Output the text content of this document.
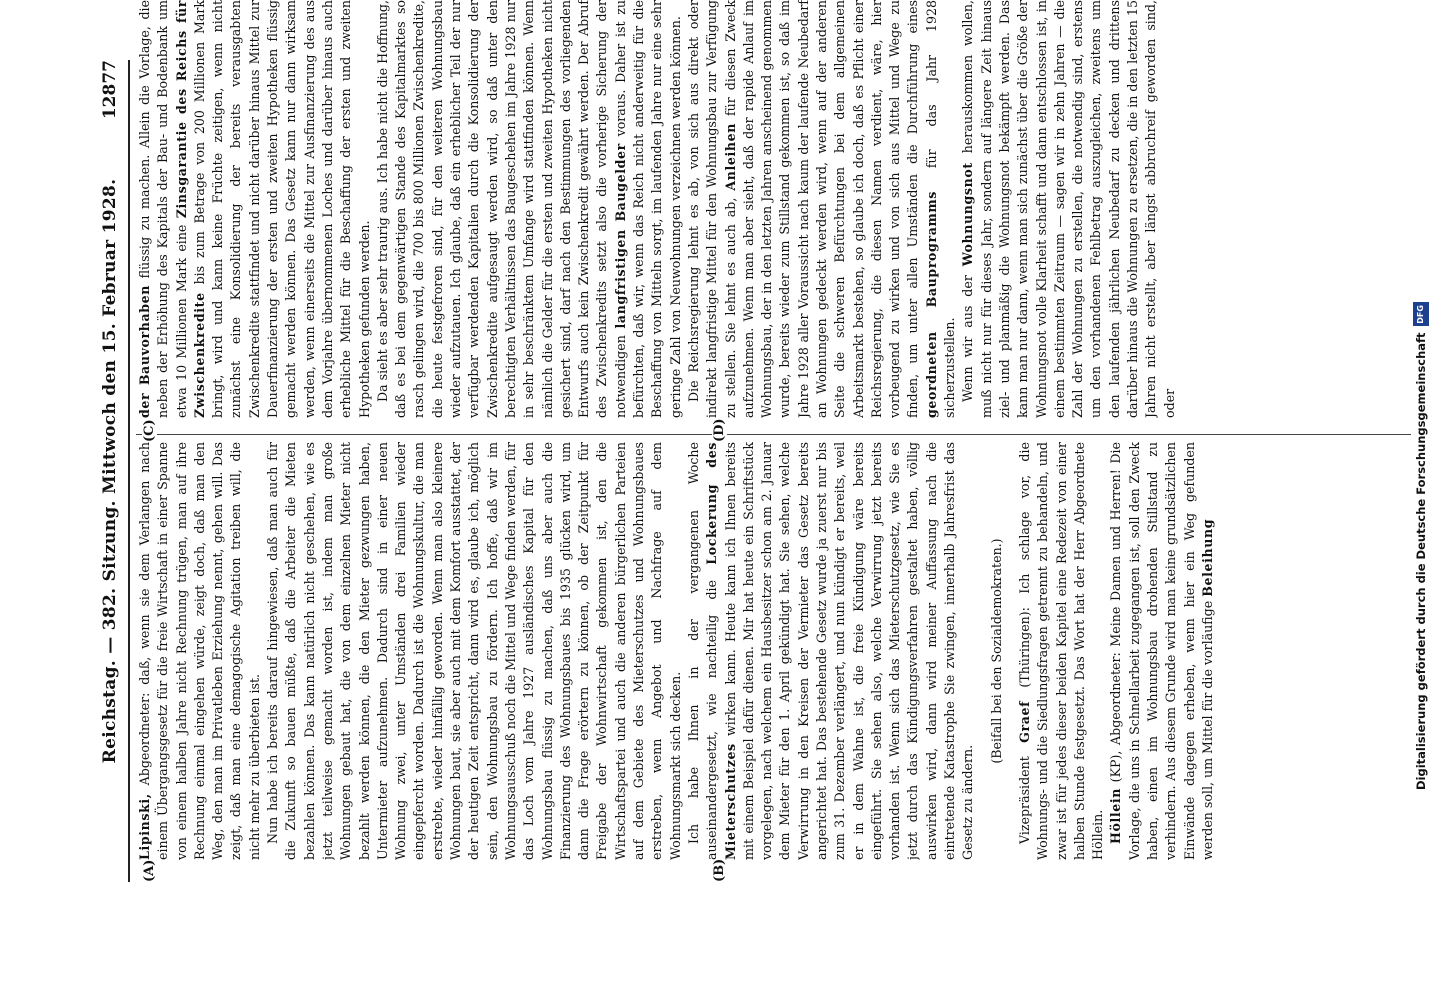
Reichstag. — 382. Sitzung. Mittwoch den 15. Februar 1928.
12877
(A)	(B)
(C)	(D)

Lipinski, Abgeordneter: daß, wenn sie dem Verlangen nach einem Übergangsgesetz für die freie Wirtschaft in einer Spanne von einem halben Jahre nicht Rechnung trügen, man auf ihre Rechnung einmal eingehen würde, zeigt doch, daß man den Weg, den man im Privatleben Erziehung nennt, gehen will. Das zeigt, daß man eine demagogische Agitation treiben will, die nicht mehr zu überbieten ist. Nun habe ich bereits darauf hingewiesen, daß man auch für die Zukunft so bauen müßte, daß die Arbeiter die Mieten bezahlen können. Das kann natürlich nicht geschehen, wie es jetzt teilweise gemacht worden ist, indem man große Wohnungen gebaut hat, die von dem einzelnen Mieter nicht bezahlt werden können, die den Mieter gezwungen haben, Untermieter aufzunehmen. Dadurch sind in einer neuen Wohnung zwei, unter Umständen drei Familien wieder eingepfercht worden. Dadurch ist die Wohnungskultur, die man erstrebte, wieder hinfällig geworden. Wenn man also kleinere Wohnungen baut, sie aber auch mit dem Komfort ausstattet, der der heutigen Zeit entspricht, dann wird es, glaube ich, möglich sein, den Wohnungsbau zu fördern. Ich hoffe, daß wir im Wohnungsausschuß noch die Mittel und Wege finden werden, für das Loch vom Jahre 1927 ausländisches Kapital für den Wohnungsbau flüssig zu machen, daß uns aber auch die Finanzierung des Wohnungsbaues bis 1935 glücken wird, um dann die Frage erörtern zu können, ob der Zeitpunkt für Freigabe der Wohnwirtschaft gekommen ist, den die Wirtschaftspartei und auch die anderen bürgerlichen Parteien auf dem Gebiete des Mieterschutzes und Wohnungsbaues erstreben, wenn Angebot und Nachfrage auf dem Wohnungsmarkt sich decken. Ich habe Ihnen in der vergangenen Woche auseinandergesetzt, wie nachteilig die Lockerung des Mieterschutzes wirken kann. Heute kann ich Ihnen bereits mit einem Beispiel dafür dienen. Mir hat heute ein Schriftstück vorgelegen, nach welchem ein Hausbesitzer schon am 2. Januar dem Mieter für den 1. April gekündigt hat. Sie sehen, welche Verwirrung in den Kreisen der Vermieter das Gesetz bereits angerichtet hat. Das bestehende Gesetz wurde ja zuerst nur bis zum 31. Dezember verlängert, und nun kündigt er bereits, weil er in dem Wahne ist, die freie Kündigung wäre bereits eingeführt. Sie sehen also, welche Verwirrung jetzt bereits vorhanden ist. Wenn sich das Mieterschutzgesetz, wie Sie es jetzt durch das Kündigungsverfahren gestaltet haben, völlig auswirken wird, dann wird meiner Auffassung nach die eintretende Katastrophe Sie zwingen, innerhalb Jahresfrist das Gesetz zu ändern.

(Beifall bei den Sozialdemokraten.)

Vizepräsident Graef (Thüringen): Ich schlage vor, die Wohnungs- und die Siedlungsfragen getrennt zu behandeln, und zwar ist für jedes dieser beiden Kapitel eine Redezeit von einer halben Stunde festgesetzt. Das Wort hat der Herr Abgeordnete Höllein. Höllein (KP), Abgeordneter: Meine Damen und Herren! Die Vorlage, die uns in Schnellarbeit zugegangen ist, soll den Zweck haben, einen im Wohnungsbau drohenden Stillstand zu verhindern. Aus diesem Grunde wird man keine grundsätzlichen Einwände dagegen erheben, wenn hier ein Weg gefunden werden soll, um Mittel für die vorläufige Beleihung

der Bauvorhaben flüssig zu machen. Allein die Vorlage, die neben der Erhöhung des Kapitals der Bau- und Bodenbank um etwa 10 Millionen Mark eine Zinsgarantie des Reichs für Zwischenkredite bis zum Betrage von 200 Millionen Mark bringt, wird und kann keine Früchte zeitigen, wenn nicht zunächst eine Konsolidierung der bereits verausgabten Zwischenkredite stattfindet und nicht darüber hinaus Mittel zur Dauerfinanzierung der ersten und zweiten Hypotheken flüssig gemacht werden können. Das Gesetz kann nur dann wirksam werden, wenn einerseits die Mittel zur Ausfinanzierung des aus dem Vorjahre übernommenen Loches und darüber hinaus auch erhebliche Mittel für die Beschaffung der ersten und zweiten Hypotheken gefunden werden. Da sieht es aber sehr traurig aus. Ich habe nicht die Hoffnung, daß es bei dem gegenwärtigen Stande des Kapitalmarktes so rasch gelingen wird, die 700 bis 800 Millionen Zwischenkredite, die heute festgefroren sind, für den weiteren Wohnungsbau wieder aufzutauen. Ich glaube, daß ein erheblicher Teil der nur verfügbar werdenden Kapitalien durch die Konsolidierung der Zwischenkredite aufgesaugt werden wird, so daß unter den berechtigten Verhältnissen das Baugeschehen im Jahre 1928 nur in sehr beschränktem Umfange wird stattfinden können. Wenn nämlich die Gelder für die ersten und zweiten Hypotheken nicht gesichert sind, darf nach den Bestimmungen des vorliegenden Entwurfs auch kein Zwischenkredit gewährt werden. Der Abruf des Zwischenkredits setzt also die vorherige Sicherung der notwendigen langfristigen Baugelder voraus. Daher ist zu befürchten, daß wir, wenn das Reich nicht anderweitig für die Beschaffung von Mitteln sorgt, im laufenden Jahre nur eine sehr geringe Zahl von Neuwohnungen verzeichnen werden können. Die Reichsregierung lehnt es ab, von sich aus direkt oder indirekt langfristige Mittel für den Wohnungsbau zur Verfügung zu stellen. Sie lehnt es auch ab, Anleihen für diesen Zweck aufzunehmen. Wenn man aber sieht, daß der rapide Anlauf im Wohnungsbau, der in den letzten Jahren anscheinend genommen wurde, bereits wieder zum Stillstand gekommen ist, so daß im Jahre 1928 aller Voraussicht nach kaum der laufende Neubedarf an Wohnungen gedeckt werden wird, wenn auf der anderen Seite die schweren Befürchtungen bei dem allgemeinen Arbeitsmarkt bestehen, so glaube ich doch, daß es Pflicht einer Reichsregierung, die diesen Namen verdient, wäre, hier vorbeugend zu wirken und von sich aus Mittel und Wege zu finden, um unter allen Umständen die Durchführung eines geordneten Bauprogramms für das Jahr 1928 sicherzustellen. Wenn wir aus der Wohnungsnot herauskommen wollen, muß nicht nur für dieses Jahr, sondern auf längere Zeit hinaus ziel- und planmäßig die Wohnungsnot bekämpft werden. Das kann man nur dann, wenn man sich zunächst über die Größe der Wohnungsnot volle Klarheit schafft und dann entschlossen ist, in einem bestimmten Zeitraum — sagen wir in zehn Jahren — die Zahl der Wohnungen zu erstellen, die notwendig sind, erstens um den vorhandenen Fehlbetrag auszugleichen, zweitens um den laufenden jährlichen Neubedarf zu decken und drittens darüber hinaus die Wohnungen zu ersetzen, die in den letzten 15 Jahren nicht erstellt, aber längst abbruchreif geworden sind, oder	Digitalisierung gefördert durch die Deutsche Forschungsgemeinschaft
DFG
